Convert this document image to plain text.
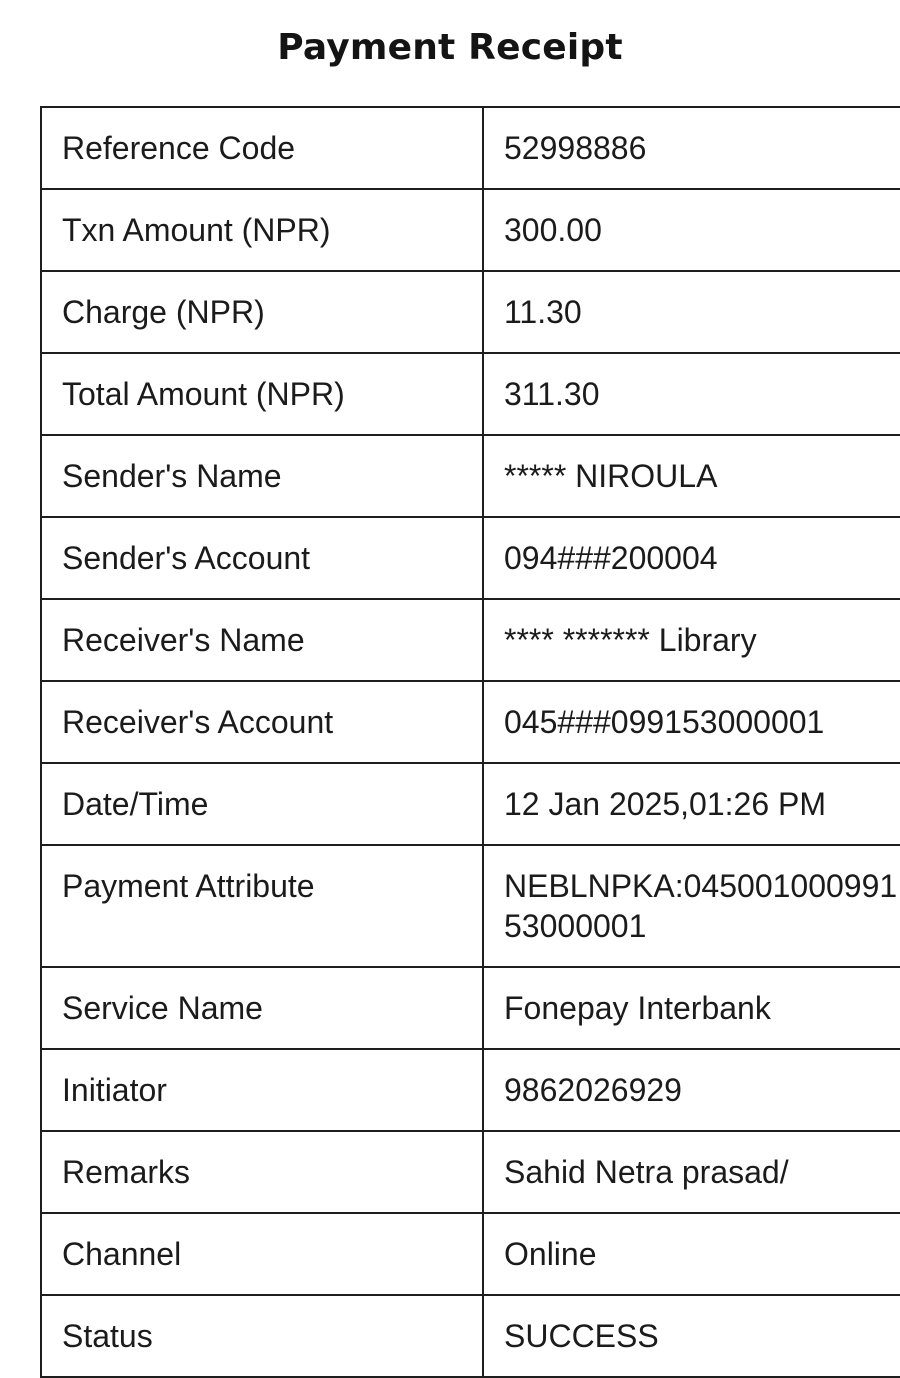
Payment Receipt
Reference Code	52998886
Txn Amount (NPR)	300.00
Charge (NPR)	11.30
Total Amount (NPR)	311.30
Sender's Name	***** NIROULA
Sender's Account	094###200004
Receiver's Name	**** ******* Library
Receiver's Account	045###099153000001
Date/Time	12 Jan 2025,01:26 PM
Payment Attribute	NEBLNPKA:04500100099153000001
Service Name	Fonepay Interbank
Initiator	9862026929
Remarks	Sahid Netra prasad/
Channel	Online
Status	SUCCESS
